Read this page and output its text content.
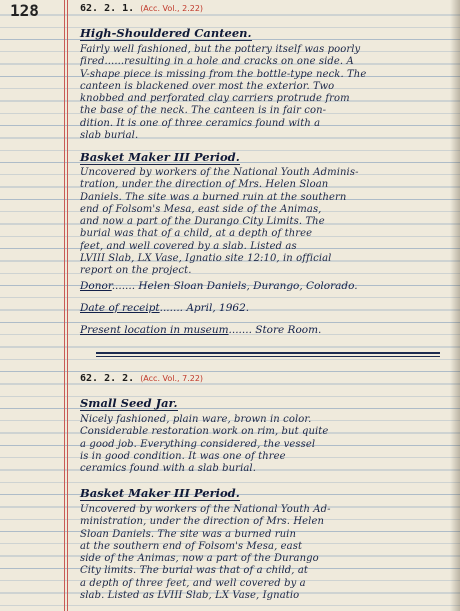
128	62. 2. 1. (Acc. Vol., 2.22)
High-Shouldered Canteen.
Fairly well fashioned, but the pottery itself was poorly
fired......resulting in a hole and cracks on one side. A
V-shape piece is missing from the bottle-type neck. The
canteen is blackened over most the exterior. Two
knobbed and perforated clay carriers protrude from
the base of the neck. The canteen is in fair con-
dition. It is one of three ceramics found with a
slab burial.
Basket Maker III Period.
Uncovered by workers of the National Youth Adminis-
tration, under the direction of Mrs. Helen Sloan
Daniels. The site was a burned ruin at the southern
end of Folsom's Mesa, east side of the Animas,
and now a part of the Durango City Limits. The
burial was that of a child, at a depth of three
feet, and well covered by a slab. Listed as
LVIII Slab, LX Vase, Ignatio site 12:10, in official
report on the project.
Donor....... Helen Sloan Daniels, Durango, Colorado.
Date of receipt....... April, 1962.
Present location in museum....... Store Room.
62. 2. 2. (Acc. Vol., 7.22)
Small Seed Jar.
Nicely fashioned, plain ware, brown in color.
Considerable restoration work on rim, but quite
a good job. Everything considered, the vessel
is in good condition. It was one of three
ceramics found with a slab burial.
Basket Maker III Period.
Uncovered by workers of the National Youth Ad-
ministration, under the direction of Mrs. Helen
Sloan Daniels. The site was a burned ruin
at the southern end of Folsom's Mesa, east
side of the Animas, now a part of the Durango
City limits. The burial was that of a child, at
a depth of three feet, and well covered by a
slab. Listed as LVIII Slab, LX Vase, Ignatio
